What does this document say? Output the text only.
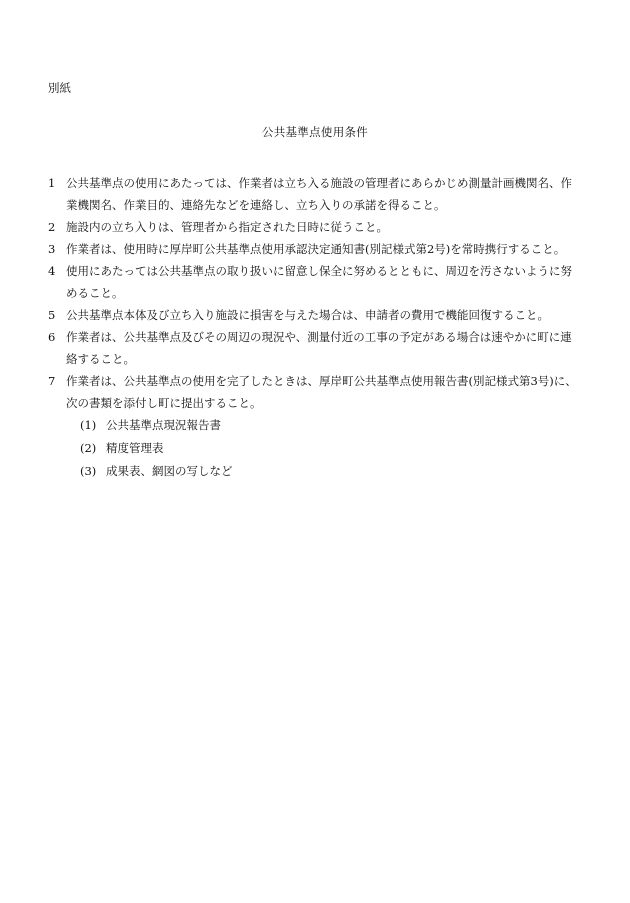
別紙
公共基準点使用条件
1 公共基準点の使用にあたっては、作業者は立ち入る施設の管理者にあらかじめ測量計画機関名、作
業機関名、作業目的、連絡先などを連絡し、立ち入りの承諾を得ること。
2 施設内の立ち入りは、管理者から指定された日時に従うこと。
3 作業者は、使用時に厚岸町公共基準点使用承認決定通知書(別記様式第2号)を常時携行すること。
4 使用にあたっては公共基準点の取り扱いに留意し保全に努めるとともに、周辺を汚さないように努
めること。
5 公共基準点本体及び立ち入り施設に損害を与えた場合は、申請者の費用で機能回復すること。
6 作業者は、公共基準点及びその周辺の現況や、測量付近の工事の予定がある場合は速やかに町に連
絡すること。
7 作業者は、公共基準点の使用を完了したときは、厚岸町公共基準点使用報告書(別記様式第3号)に、
次の書類を添付し町に提出すること。
(1) 公共基準点現況報告書
(2) 精度管理表
(3) 成果表、網図の写しなど
